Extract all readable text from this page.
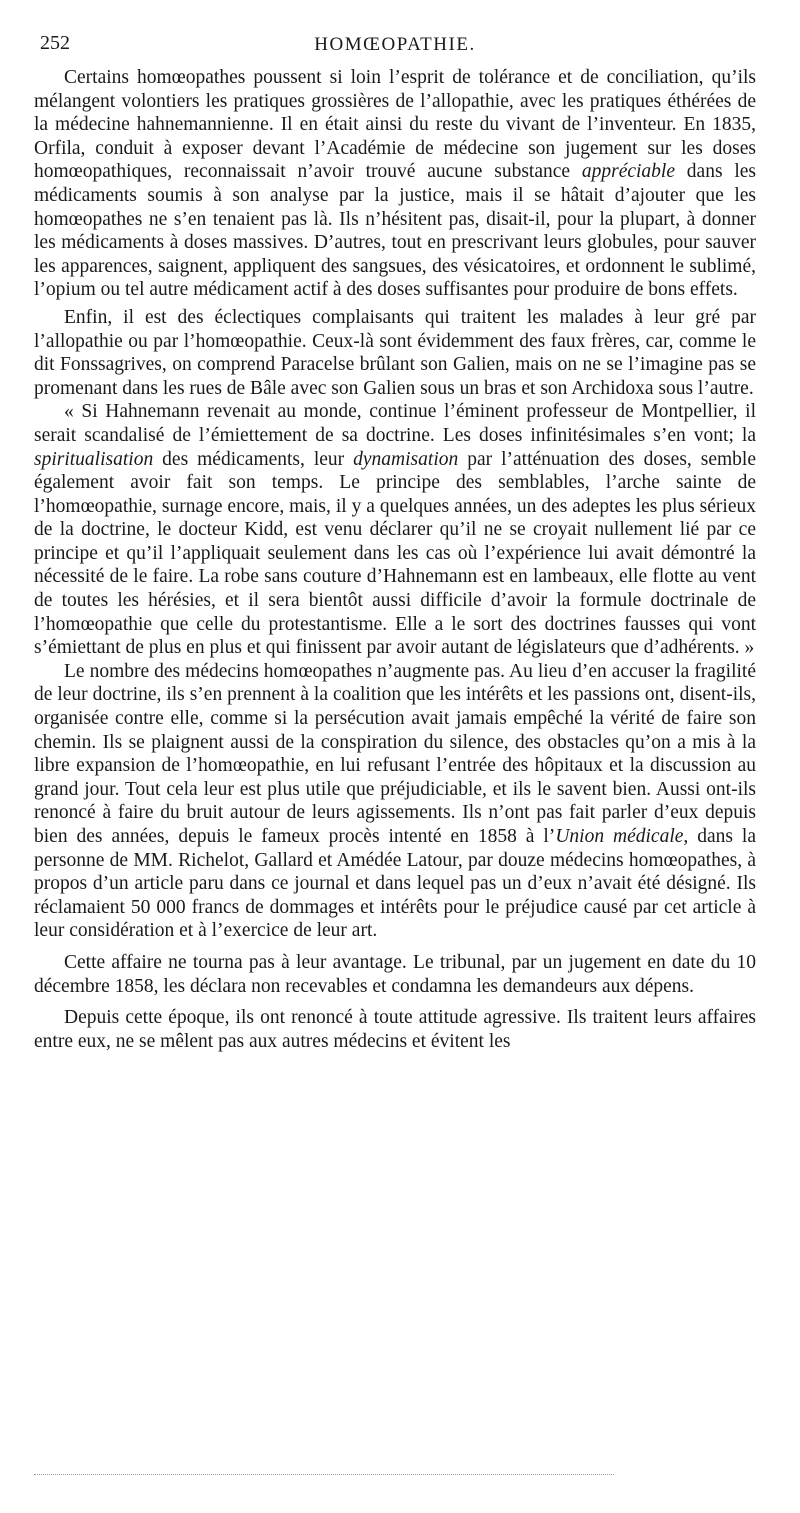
252	HOMŒOPATHIE.

Certains homœopathes poussent si loin l’esprit de tolérance et de conciliation, qu’ils mélangent volontiers les pratiques grossières de l’allopathie, avec les pratiques éthérées de la médecine hahnemannienne. Il en était ainsi du reste du vivant de l’inventeur. En 1835, Orfila, conduit à exposer devant l’Académie de médecine son jugement sur les doses homœopathiques, reconnaissait n’avoir trouvé aucune substance appréciable dans les médicaments soumis à son analyse par la justice, mais il se hâtait d’ajouter que les homœopathes ne s’en tenaient pas là. Ils n’hésitent pas, disait-il, pour la plupart, à donner les médicaments à doses massives. D’autres, tout en prescrivant leurs globules, pour sauver les apparences, saignent, appliquent des sangsues, des vésicatoires, et ordonnent le sublimé, l’opium ou tel autre médicament actif à des doses suffisantes pour produire de bons effets.

Enfin, il est des éclectiques complaisants qui traitent les malades à leur gré par l’allopathie ou par l’homœopathie. Ceux-là sont évidemment des faux frères, car, comme le dit Fonssagrives, on comprend Paracelse brûlant son Galien, mais on ne se l’imagine pas se promenant dans les rues de Bâle avec son Galien sous un bras et son Archidoxa sous l’autre.

« Si Hahnemann revenait au monde, continue l’éminent professeur de Montpellier, il serait scandalisé de l’émiettement de sa doctrine. Les doses infinitésimales s’en vont; la spiritualisation des médicaments, leur dynamisation par l’atténuation des doses, semble également avoir fait son temps. Le principe des semblables, l’arche sainte de l’homœopathie, surnage encore, mais, il y a quelques années, un des adeptes les plus sérieux de la doctrine, le docteur Kidd, est venu déclarer qu’il ne se croyait nullement lié par ce principe et qu’il l’appliquait seulement dans les cas où l’expérience lui avait démontré la nécessité de le faire. La robe sans couture d’Hahnemann est en lambeaux, elle flotte au vent de toutes les hérésies, et il sera bientôt aussi difficile d’avoir la formule doctrinale de l’homœopathie que celle du protestantisme. Elle a le sort des doctrines fausses qui vont s’émiettant de plus en plus et qui finissent par avoir autant de législateurs que d’adhérents. »

Le nombre des médecins homœopathes n’augmente pas. Au lieu d’en accuser la fragilité de leur doctrine, ils s’en prennent à la coalition que les intérêts et les passions ont, disent-ils, organisée contre elle, comme si la persécution avait jamais empêché la vérité de faire son chemin. Ils se plaignent aussi de la conspiration du silence, des obstacles qu’on a mis à la libre expansion de l’homœopathie, en lui refusant l’entrée des hôpitaux et la discussion au grand jour. Tout cela leur est plus utile que préjudiciable, et ils le savent bien. Aussi ont-ils renoncé à faire du bruit autour de leurs agissements. Ils n’ont pas fait parler d’eux depuis bien des années, depuis le fameux procès intenté en 1858 à l’Union médicale, dans la personne de MM. Richelot, Gallard et Amédée Latour, par douze médecins homœopathes, à propos d’un article paru dans ce journal et dans lequel pas un d’eux n’avait été désigné. Ils réclamaient 50 000 francs de dommages et intérêts pour le préjudice causé par cet article à leur considération et à l’exercice de leur art.

Cette affaire ne tourna pas à leur avantage. Le tribunal, par un jugement en date du 10 décembre 1858, les déclara non recevables et condamna les demandeurs aux dépens.

Depuis cette époque, ils ont renoncé à toute attitude agressive. Ils traitent leurs affaires entre eux, ne se mêlent pas aux autres médecins et évitent les
